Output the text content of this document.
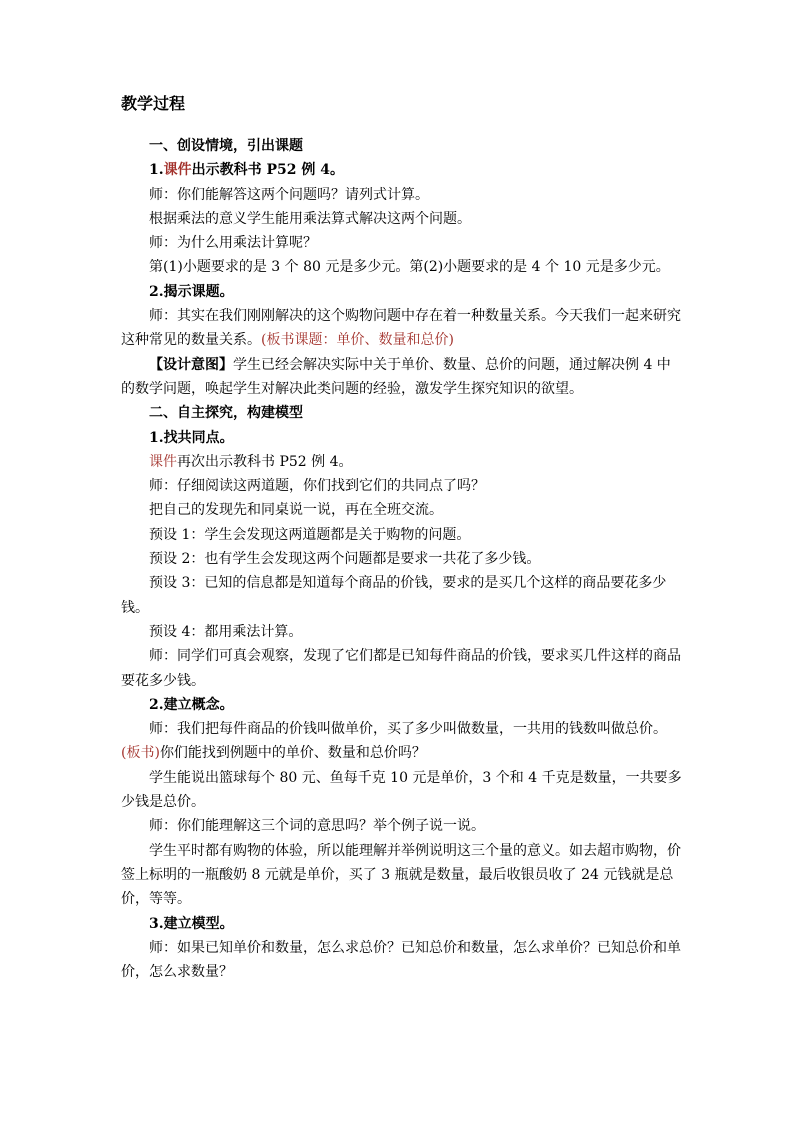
教学过程

一、创设情境，引出课题

1.课件出示教科书 P52 例 4。

师：你们能解答这两个问题吗？请列式计算。

根据乘法的意义学生能用乘法算式解决这两个问题。

师：为什么用乘法计算呢？

第(1)小题要求的是 3 个 80 元是多少元。第(2)小题要求的是 4 个 10 元是多少元。

2.揭示课题。

师：其实在我们刚刚解决的这个购物问题中存在着一种数量关系。今天我们一起来研究这种常见的数量关系。(板书课题：单价、数量和总价)

【设计意图】学生已经会解决实际中关于单价、数量、总价的问题，通过解决例 4 中的数学问题，唤起学生对解决此类问题的经验，激发学生探究知识的欲望。

二、自主探究，构建模型

1.找共同点。

课件再次出示教科书 P52 例 4。

师：仔细阅读这两道题，你们找到它们的共同点了吗？

把自己的发现先和同桌说一说，再在全班交流。

预设 1：学生会发现这两道题都是关于购物的问题。

预设 2：也有学生会发现这两个问题都是要求一共花了多少钱。

预设 3：已知的信息都是知道每个商品的价钱，要求的是买几个这样的商品要花多少钱。

预设 4：都用乘法计算。

师：同学们可真会观察，发现了它们都是已知每件商品的价钱，要求买几件这样的商品要花多少钱。

2.建立概念。

师：我们把每件商品的价钱叫做单价，买了多少叫做数量，一共用的钱数叫做总价。(板书)你们能找到例题中的单价、数量和总价吗？

学生能说出篮球每个 80 元、鱼每千克 10 元是单价，3 个和 4 千克是数量，一共要多少钱是总价。

师：你们能理解这三个词的意思吗？举个例子说一说。

学生平时都有购物的体验，所以能理解并举例说明这三个量的意义。如去超市购物，价签上标明的一瓶酸奶 8 元就是单价，买了 3 瓶就是数量，最后收银员收了 24 元钱就是总价，等等。

3.建立模型。

师：如果已知单价和数量，怎么求总价？已知总价和数量，怎么求单价？已知总价和单价，怎么求数量？
